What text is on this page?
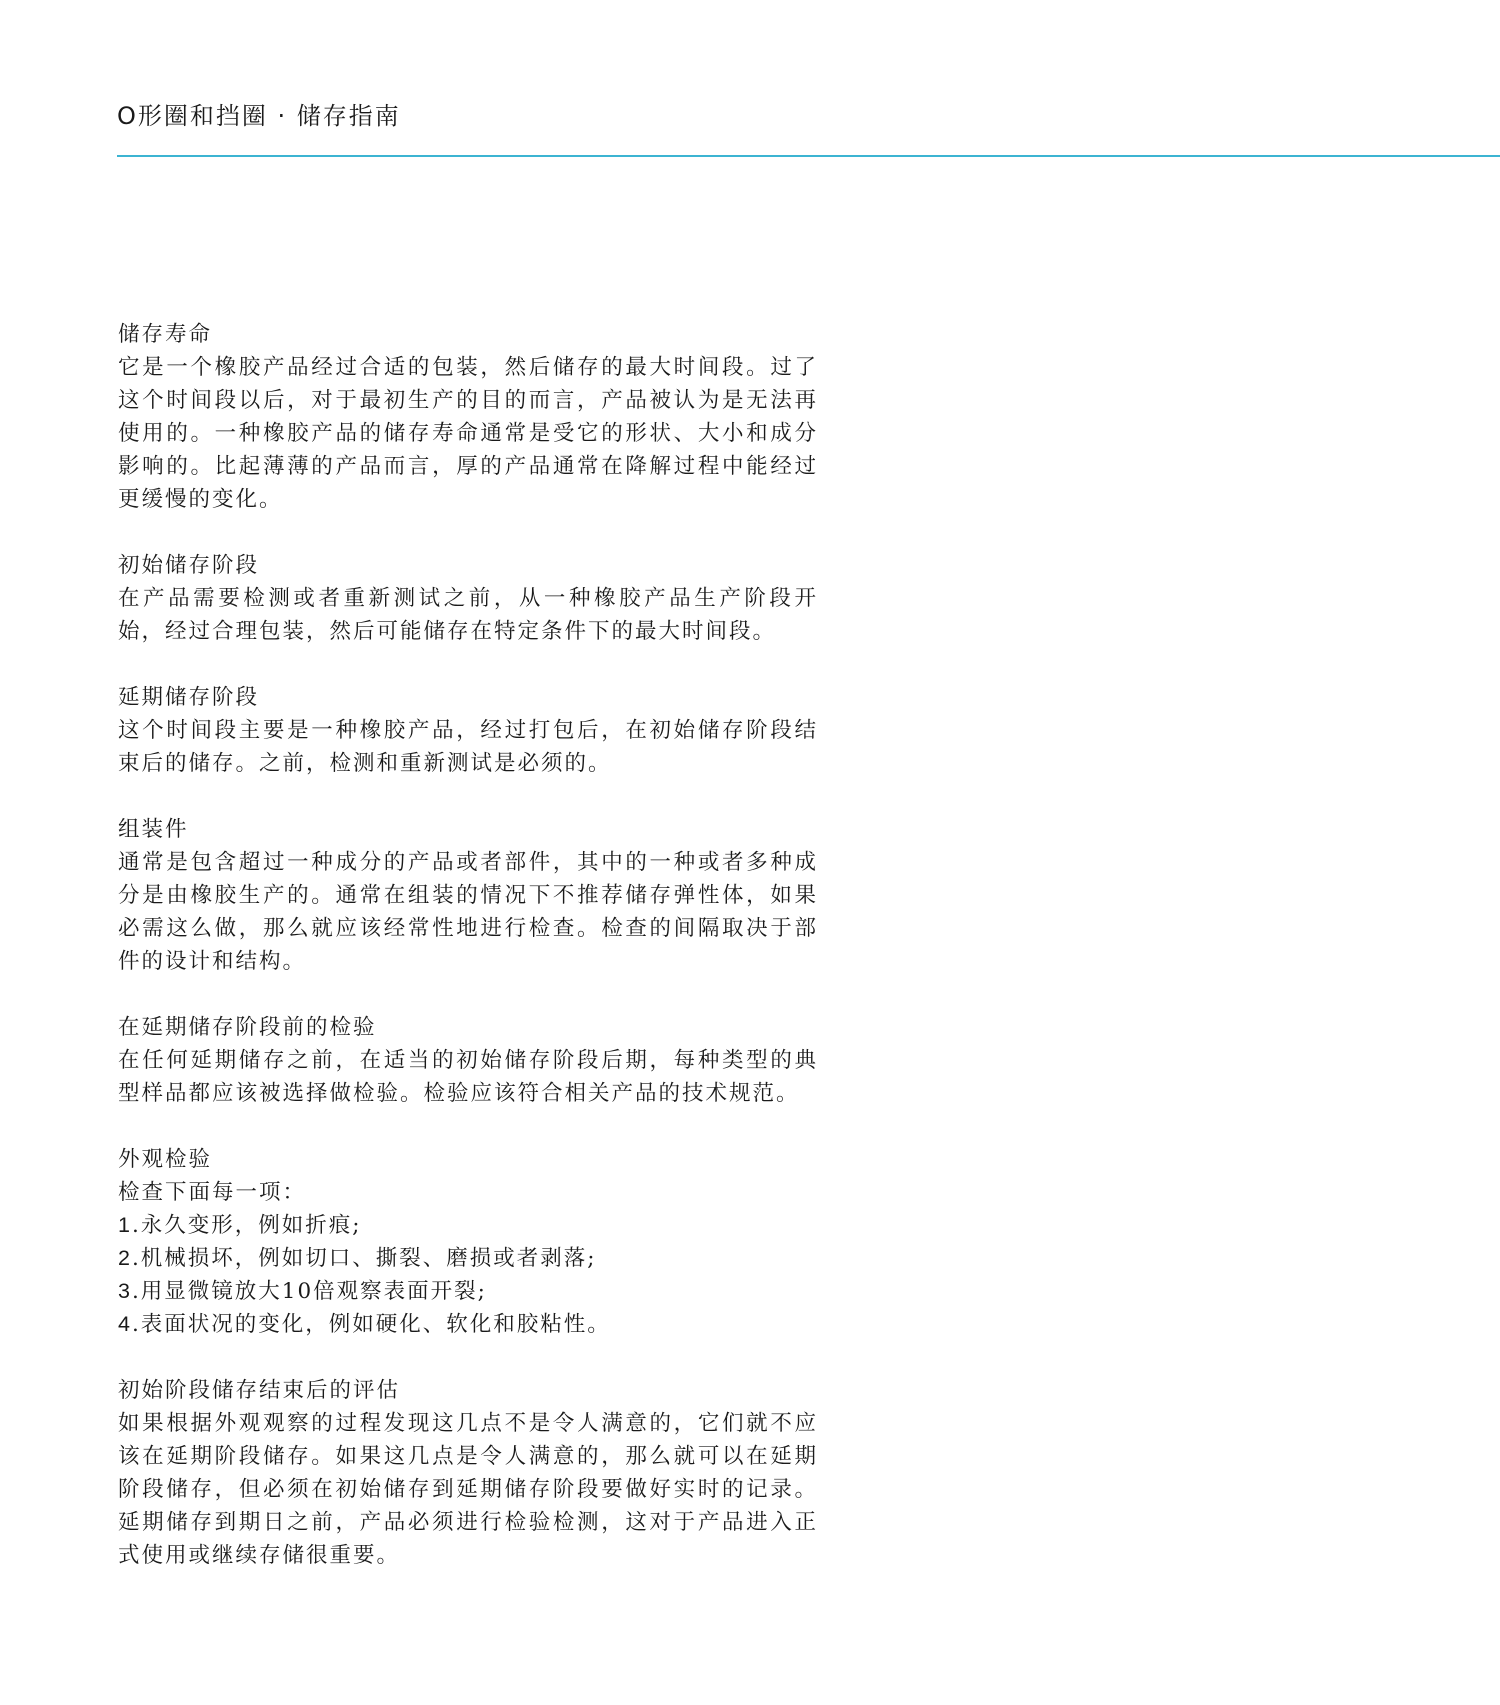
O形圈和挡圈 · 储存指南

储存寿命

它是一个橡胶产品经过合适的包装，然后储存的最大时间段。过了这个时间段以后，对于最初生产的目的而言，产品被认为是无法再使用的。一种橡胶产品的储存寿命通常是受它的形状、大小和成分影响的。比起薄薄的产品而言，厚的产品通常在降解过程中能经过更缓慢的变化。

初始储存阶段

在产品需要检测或者重新测试之前，从一种橡胶产品生产阶段开始，经过合理包装，然后可能储存在特定条件下的最大时间段。

延期储存阶段

这个时间段主要是一种橡胶产品，经过打包后，在初始储存阶段结束后的储存。之前，检测和重新测试是必须的。

组装件

通常是包含超过一种成分的产品或者部件，其中的一种或者多种成分是由橡胶生产的。通常在组装的情况下不推荐储存弹性体，如果必需这么做，那么就应该经常性地进行检查。检查的间隔取决于部件的设计和结构。

在延期储存阶段前的检验

在任何延期储存之前，在适当的初始储存阶段后期，每种类型的典型样品都应该被选择做检验。检验应该符合相关产品的技术规范。

外观检验

检查下面每一项：

1.永久变形，例如折痕;
2.机械损坏，例如切口、撕裂、磨损或者剥落;
3.用显微镜放大10倍观察表面开裂;
4.表面状况的变化，例如硬化、软化和胶粘性。

初始阶段储存结束后的评估

如果根据外观观察的过程发现这几点不是令人满意的，它们就不应该在延期阶段储存。如果这几点是令人满意的，那么就可以在延期阶段储存，但必须在初始储存到延期储存阶段要做好实时的记录。延期储存到期日之前，产品必须进行检验检测，这对于产品进入正式使用或继续存储很重要。
